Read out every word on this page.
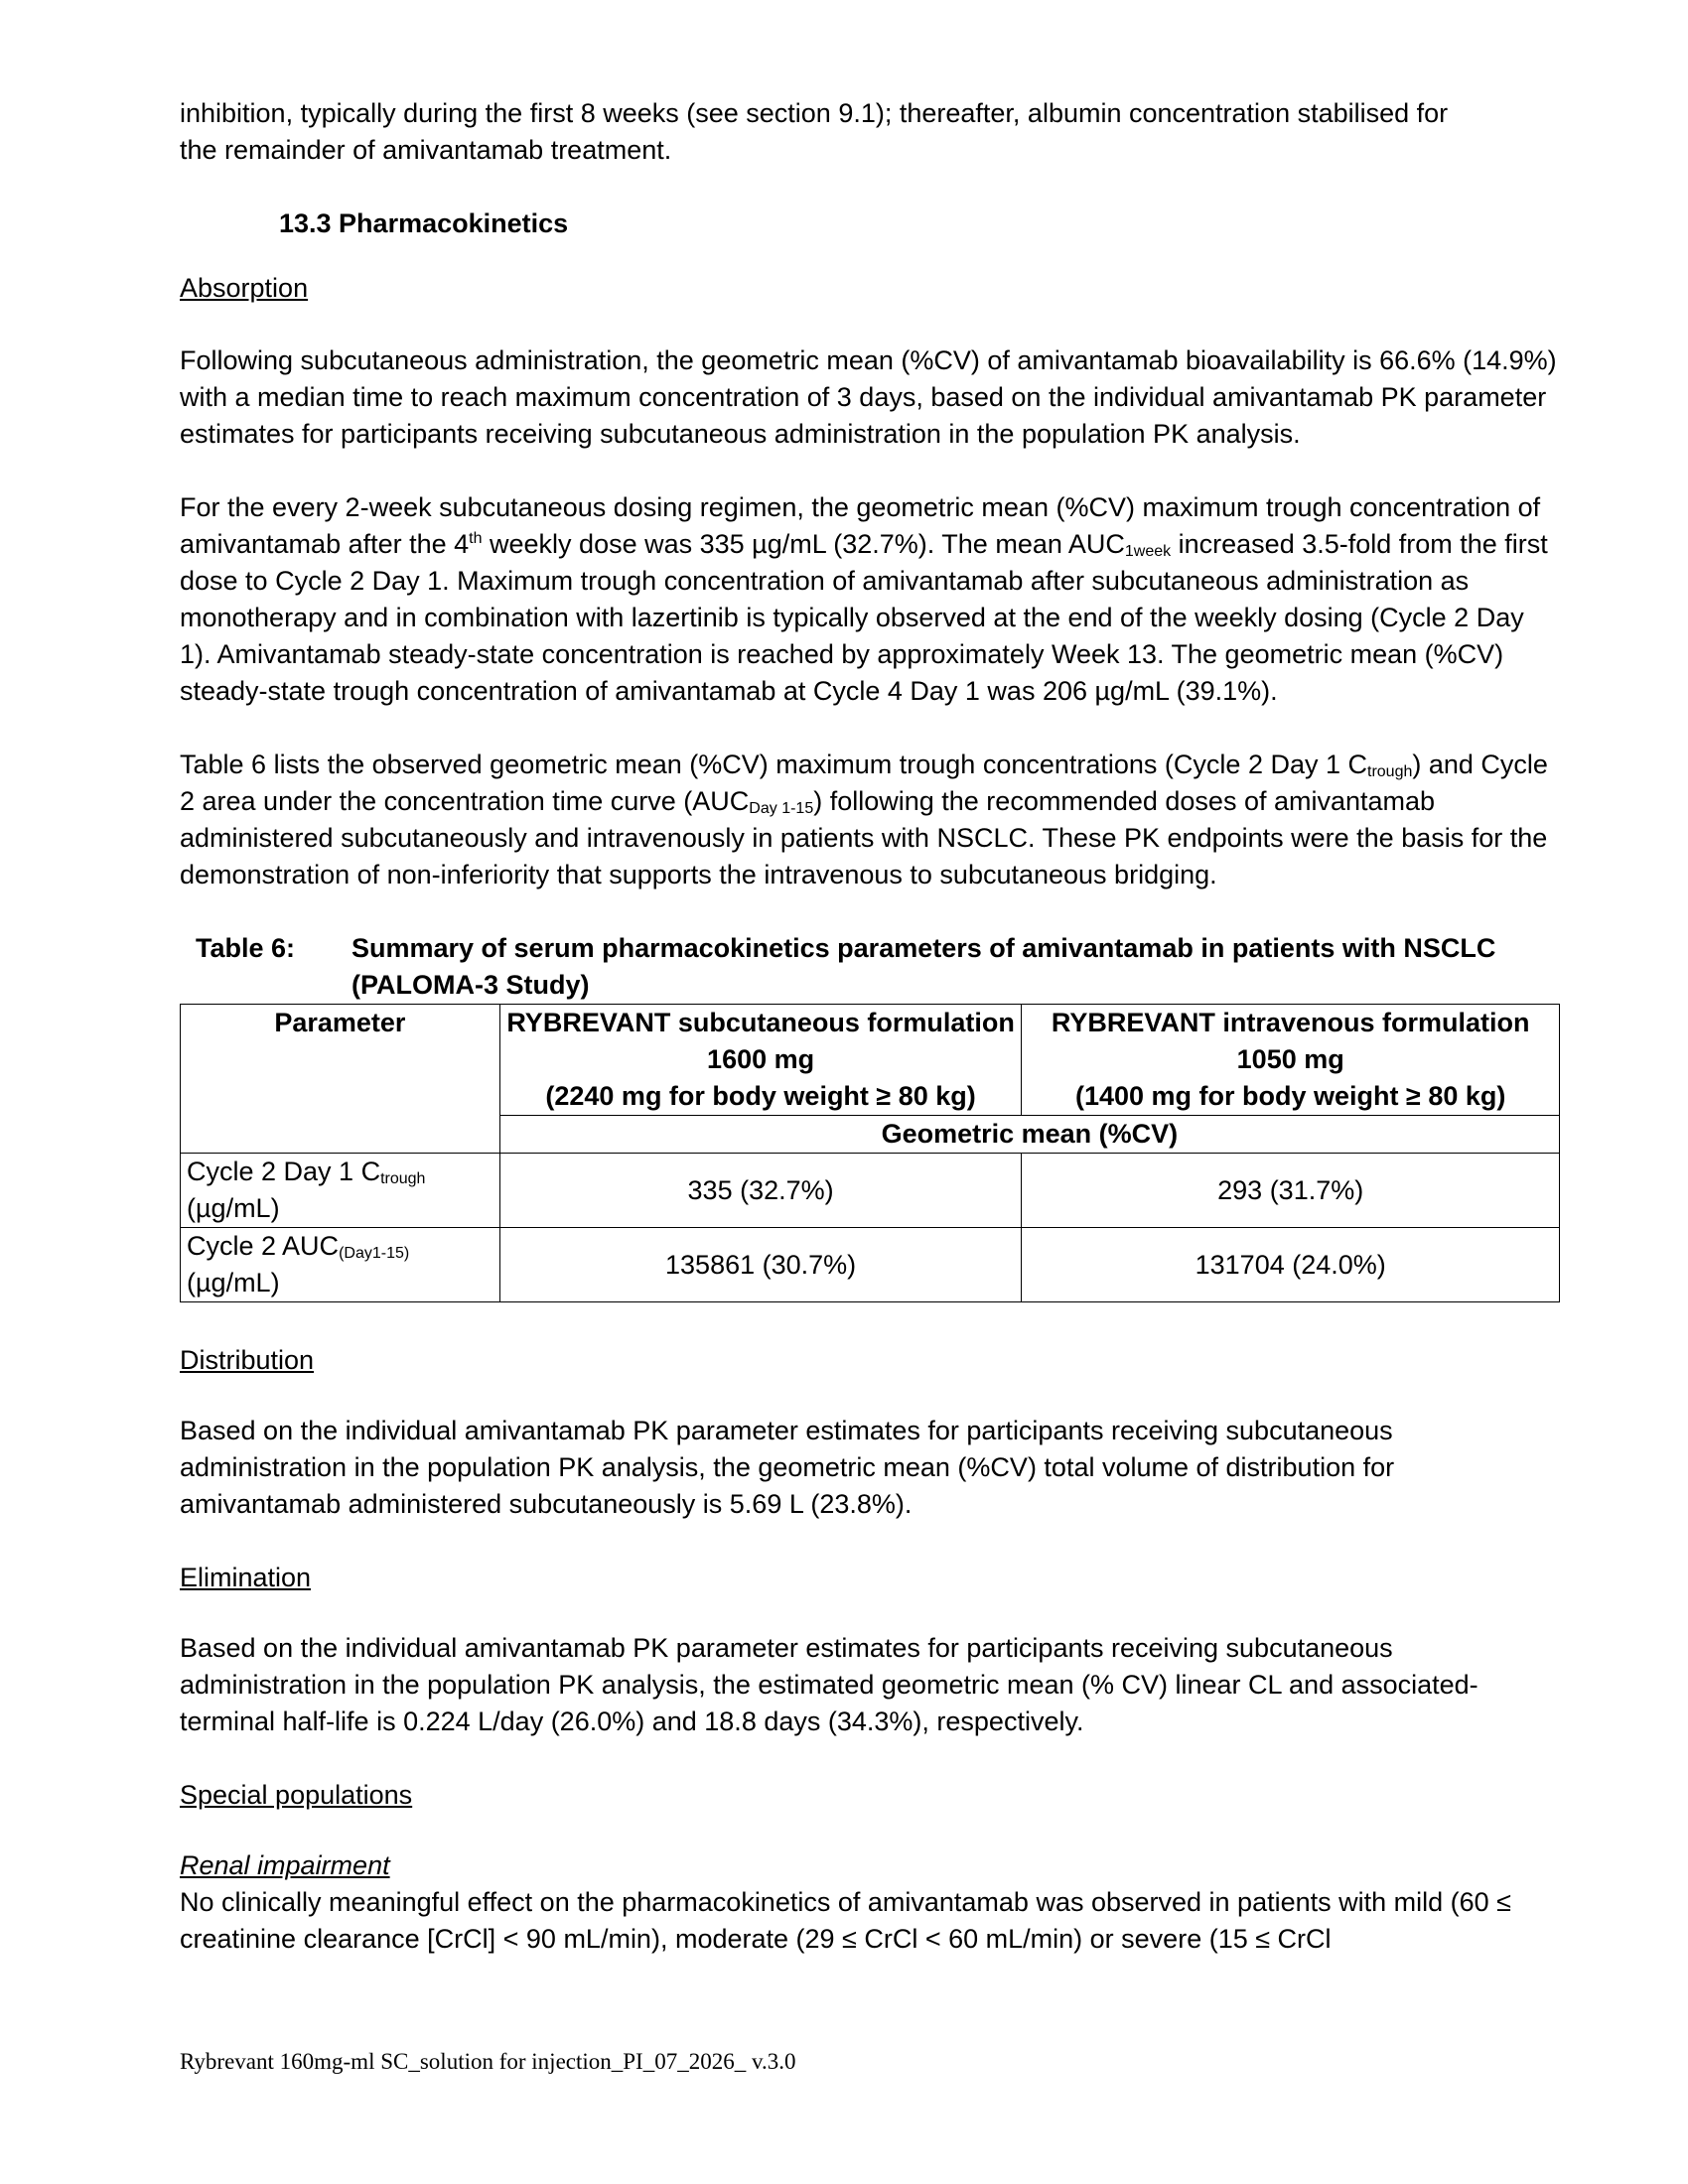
inhibition, typically during the first 8 weeks (see section 9.1); thereafter, albumin concentration stabilised for
the remainder of amivantamab treatment.

13.3 Pharmacokinetics

Absorption

Following subcutaneous administration, the geometric mean (%CV) of amivantamab bioavailability is 66.6% (14.9%) with a median time to reach maximum concentration of 3 days, based on the individual amivantamab PK parameter estimates for participants receiving subcutaneous administration in the population PK analysis.

For the every 2-week subcutaneous dosing regimen, the geometric mean (%CV) maximum trough concentration of amivantamab after the 4th weekly dose was 335 µg/mL (32.7%). The mean $AUC_{1week}$ increased 3.5-fold from the first dose to Cycle 2 Day 1. Maximum trough concentration of amivantamab after subcutaneous administration as monotherapy and in combination with lazertinib is typically observed at the end of the weekly dosing (Cycle 2 Day 1). Amivantamab steady-state concentration is reached by approximately Week 13. The geometric mean (%CV) steady-state trough concentration of amivantamab at Cycle 4 Day 1 was 206 µg/mL (39.1%).

Table 6 lists the observed geometric mean (%CV) maximum trough concentrations (Cycle 2 Day 1 $C_{trough}$) and Cycle 2 area under the concentration time curve $(AUC_{Day 1-15})$ following the recommended doses of amivantamab administered subcutaneously and intravenously in patients with NSCLC. These PK endpoints were the basis for the demonstration of non-inferiority that supports the intravenous to subcutaneous bridging.

Table 6:	Summary of serum pharmacokinetics parameters of amivantamab in patients with NSCLC
(PALOMA-3 Study)
Parameter	RYBREVANT subcutaneous formulation
1600 mg
(2240 mg for body weight ≥ 80 kg)	RYBREVANT intravenous formulation
1050 mg
(1400 mg for body weight ≥ 80 kg)
	Geometric mean (%CV)	
Cycle 2 Day 1 $C_{trough}$
(µg/mL)	335 (32.7%)	293 (31.7%)
Cycle 2 $AUC_{(Day1-15)}$
(µg/mL)	135861 (30.7%)	131704 (24.0%)

Distribution

Based on the individual amivantamab PK parameter estimates for participants receiving subcutaneous administration in the population PK analysis, the geometric mean (%CV) total volume of distribution for amivantamab administered subcutaneously is 5.69 L (23.8%).

Elimination

Based on the individual amivantamab PK parameter estimates for participants receiving subcutaneous administration in the population PK analysis, the estimated geometric mean (% CV) linear CL and associated-terminal half-life is 0.224 L/day (26.0%) and 18.8 days (34.3%), respectively.

Special populations

Renal impairment

No clinically meaningful effect on the pharmacokinetics of amivantamab was observed in patients with mild (60 ≤ creatinine clearance [CrCl] < 90 mL/min), moderate (29 ≤ CrCl < 60 mL/min) or severe (15 ≤ CrCl

Rybrevant 160mg-ml SC_solution for injection_PI_07_2026_ v.3.0
